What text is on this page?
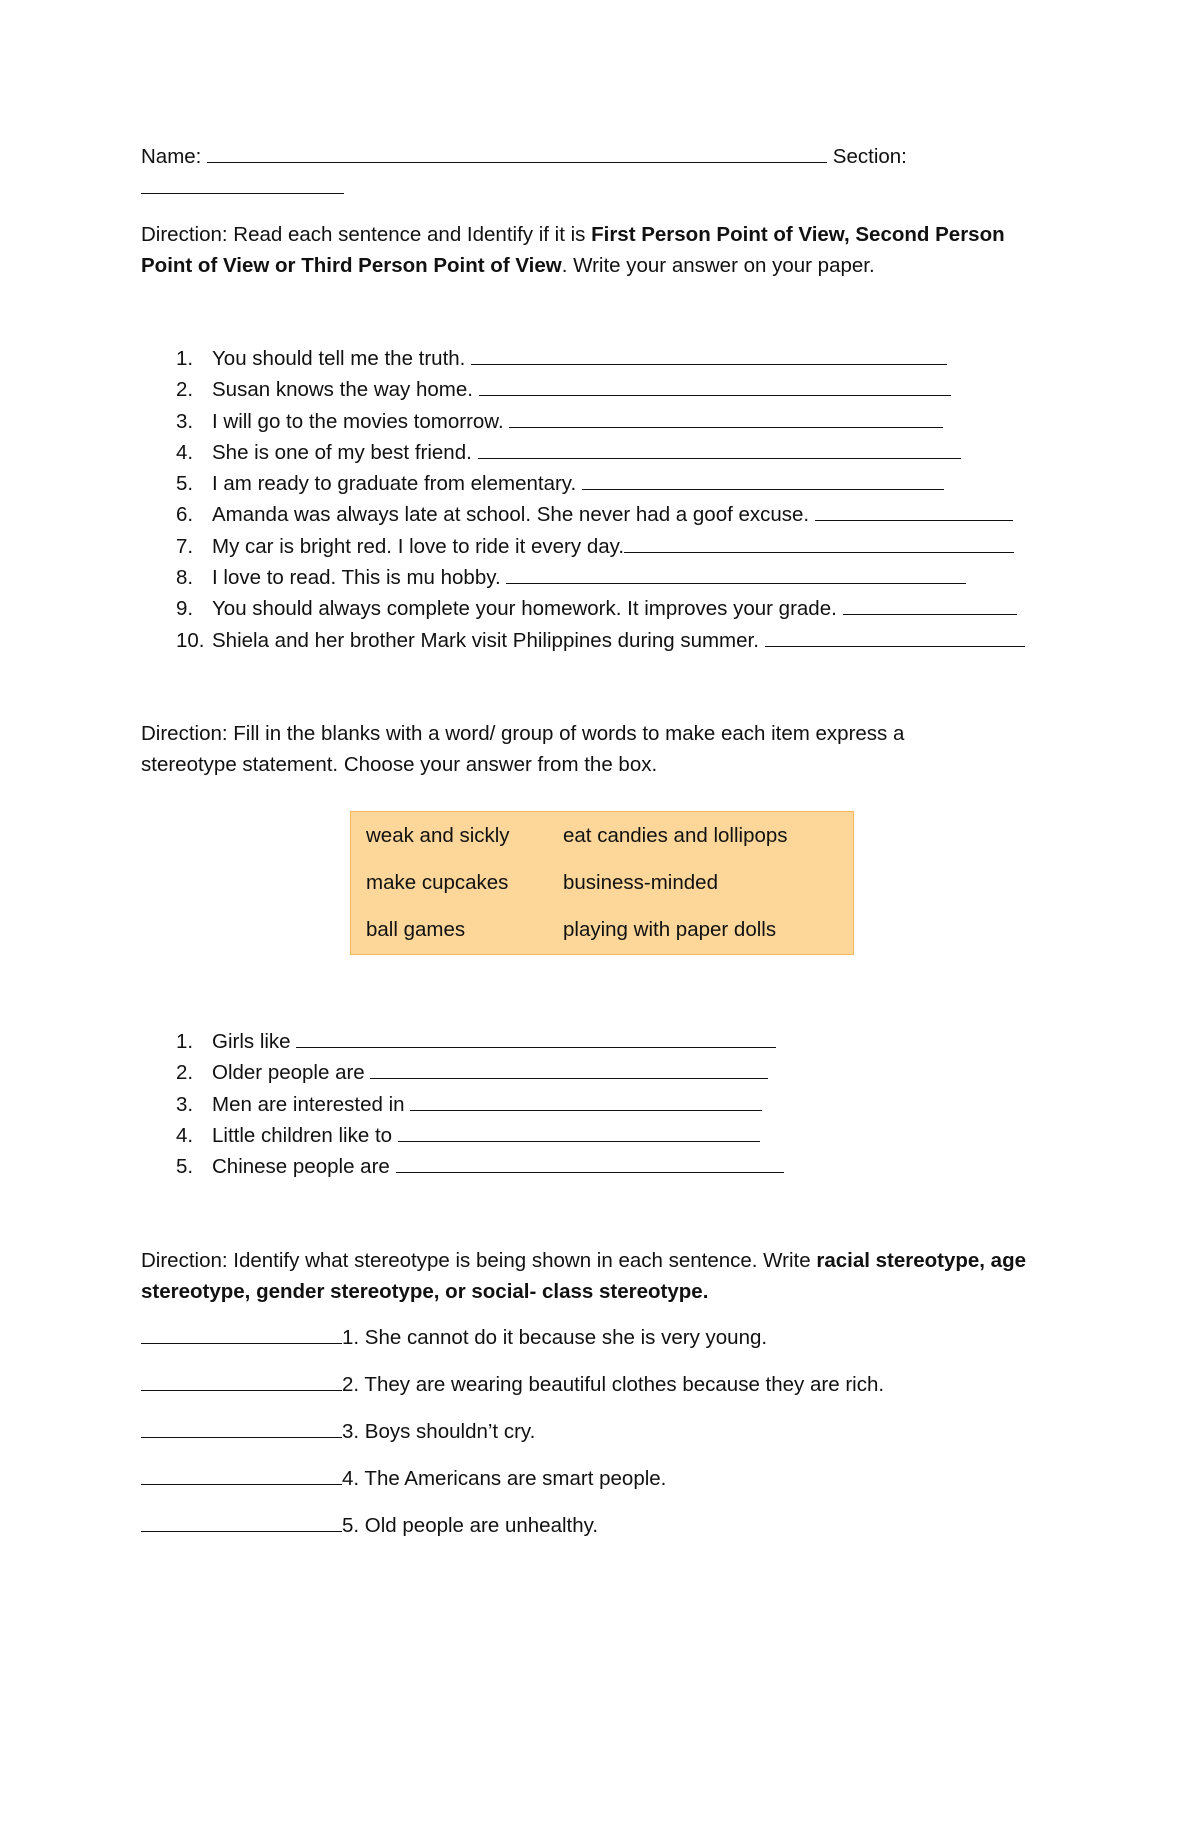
Name:	Section:
Direction: Read each sentence and Identify if it is First Person Point of View, Second Person Point of View or Third Person Point of View. Write your answer on your paper.
1. You should tell me the truth.
2. Susan knows the way home.
3. I will go to the movies tomorrow.
4. She is one of my best friend.
5. I am ready to graduate from elementary.
6. Amanda was always late at school. She never had a goof excuse.
7. My car is bright red. I love to ride it every day.
8. I love to read. This is mu hobby.
9. You should always complete your homework. It improves your grade.
10. Shiela and her brother Mark visit Philippines during summer.
Direction: Fill in the blanks with a word/ group of words to make each item express a stereotype statement. Choose your answer from the box.
weak and sickly	eat candies and lollipops
make cupcakes	business-minded
ball games	playing with paper dolls
1. Girls like
2. Older people are
3. Men are interested in
4. Little children like to
5. Chinese people are
Direction: Identify what stereotype is being shown in each sentence. Write racial stereotype, age stereotype, gender stereotype, or social- class stereotype.
1. She cannot do it because she is very young.
2. They are wearing beautiful clothes because they are rich.
3. Boys shouldn’t cry.
4. The Americans are smart people.
5. Old people are unhealthy.
